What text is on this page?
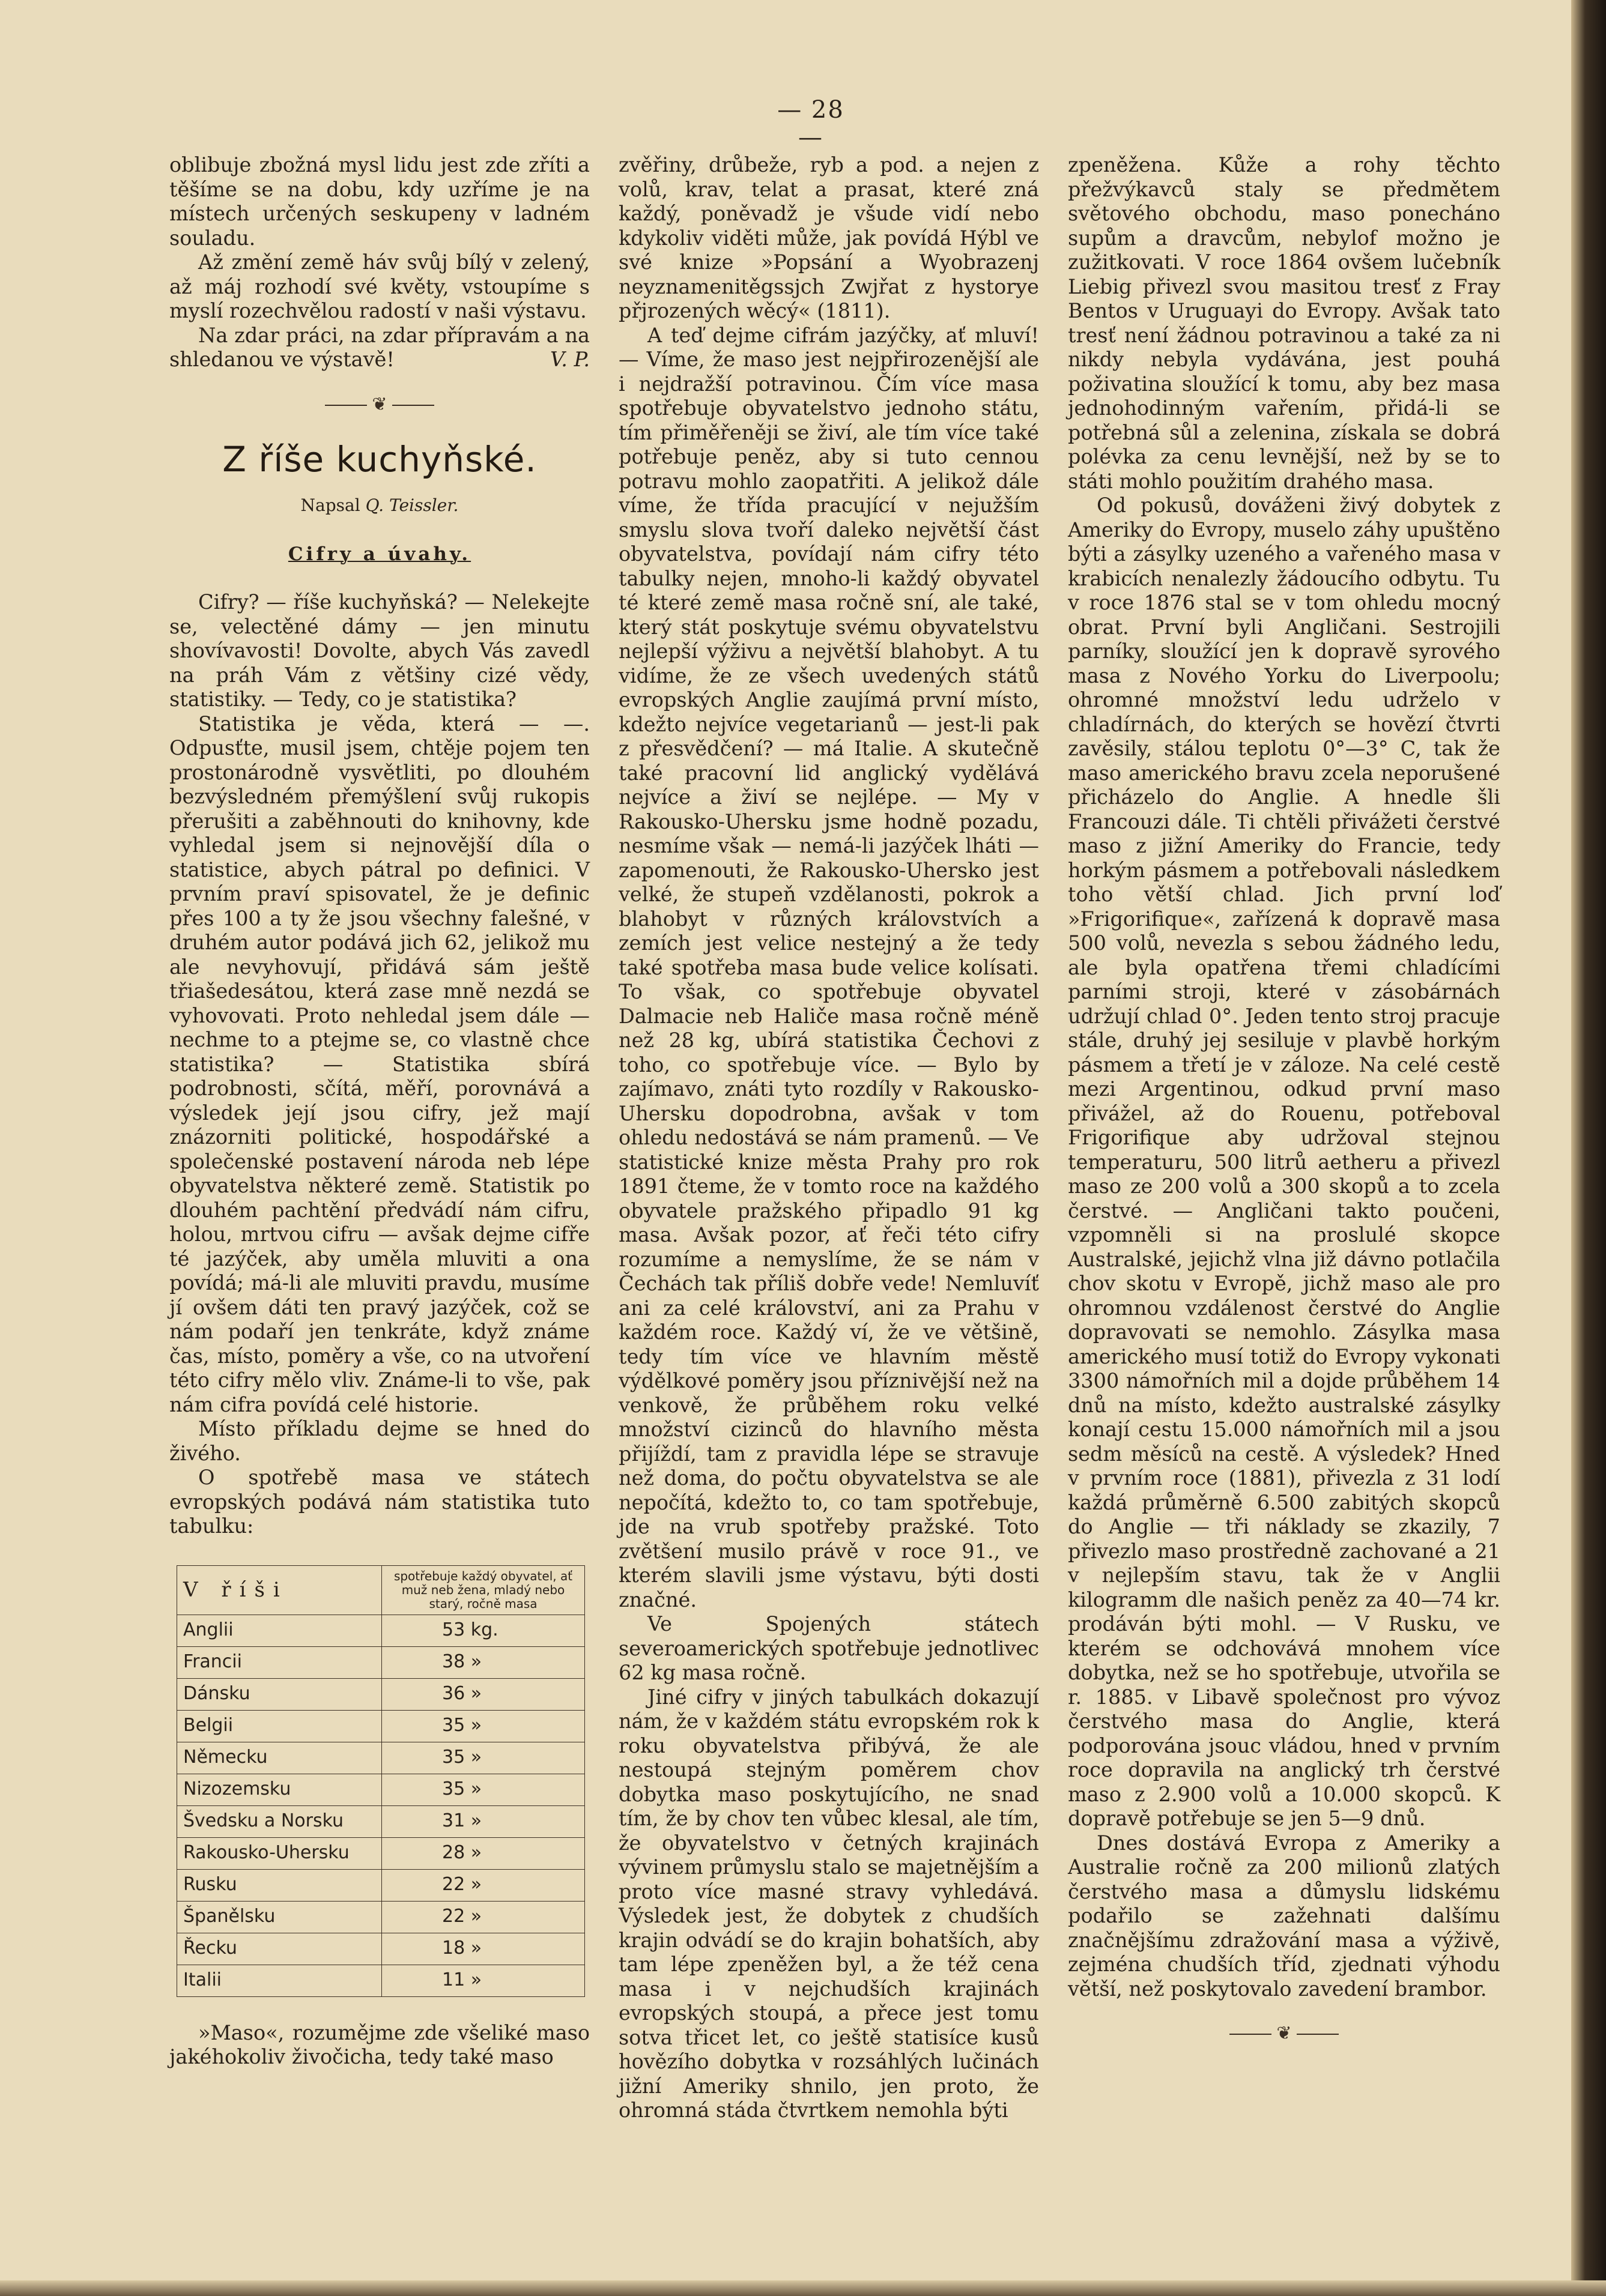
— 28 —

oblibuje zbožná mysl lidu jest zde zříti a těšíme se na dobu, kdy uzříme je na místech určených seskupeny v ladném souladu.

Až změní země háv svůj bílý v zelený, až máj rozhodí své květy, vstoupíme s myslí rozechvělou radostí v naši výstavu.

Na zdar práci, na zdar přípravám a na shledanou ve výstavě!	V. P.

❦
Z říše kuchyňské.
Napsal Q. Teissler.
Cifry a úvahy.

Cifry? — říše kuchyňská? — Nelekejte se, velectěné dámy — jen minutu shovívavosti! Dovolte, abych Vás zavedl na práh Vám z většiny cizé vědy, statistiky. — Tedy, co je statistika?

Statistika je věda, která — —. Odpusťte, musil jsem, chtěje pojem ten prostonárodně vysvětliti, po dlouhém bezvýsledném přemýšlení svůj rukopis přerušiti a zaběhnouti do knihovny, kde vyhledal jsem si nejnovější díla o statistice, abych pátral po definici. V prvním praví spisovatel, že je definic přes 100 a ty že jsou všechny falešné, v druhém autor podává jich 62, jelikož mu ale nevyhovují, přidává sám ještě třiašedesátou, která zase mně nezdá se vyhovovati. Proto nehledal jsem dále — nechme to a ptejme se, co vlastně chce statistika? — Statistika sbírá podrobnosti, sčítá, měří, porovnává a výsledek její jsou cifry, jež mají znázorniti politické, hospodářské a společenské postavení národa neb lépe obyvatelstva některé země. Statistik po dlouhém pachtění předvádí nám cifru, holou, mrtvou cifru — avšak dejme cifře té jazýček, aby uměla mluviti a ona povídá; má-li ale mluviti pravdu, musíme jí ovšem dáti ten pravý jazýček, což se nám podaří jen tenkráte, když známe čas, místo, poměry a vše, co na utvoření této cifry mělo vliv. Známe-li to vše, pak nám cifra povídá celé historie.

Místo příkladu dejme se hned do živého.

O spotřebě masa ve státech evropských podává nám statistika tuto tabulku:

V říši	spotřebuje každý obyvatel, ať muž neb žena, mladý nebo starý, ročně masa
Anglii	53 kg.
Francii	38 »
Dánsku	36 »
Belgii	35 »
Německu	35 »
Nizozemsku	35 »
Švedsku a Norsku	31 »
Rakousko-Uhersku	28 »
Rusku	22 »
Španělsku	22 »
Řecku	18 »
Italii	11 »

»Maso«, rozumějme zde všeliké maso jakéhokoliv živočicha, tedy také maso

zvěřiny, drůbeže, ryb a pod. a nejen z volů, krav, telat a prasat, které zná každý, poněvadž je všude vidí nebo kdykoliv viděti může, jak povídá Hýbl ve své knize »Popsání a Wyobrazenj neyznamenitěgssjch Zwjřat z hystorye přjrozených wěcý« (1811).

A teď dejme cifrám jazýčky, ať mluví! — Víme, že maso jest nejpřirozenější ale i nejdražší potravinou. Čím více masa spotřebuje obyvatelstvo jednoho státu, tím přiměřeněji se živí, ale tím více také potřebuje peněz, aby si tuto cennou potravu mohlo zaopatřiti. A jelikož dále víme, že třída pracující v nejužším smyslu slova tvoří daleko největší část obyvatelstva, povídají nám cifry této tabulky nejen, mnoho-li každý obyvatel té které země masa ročně sní, ale také, který stát poskytuje svému obyvatelstvu nejlepší výživu a největší blahobyt. A tu vidíme, že ze všech uvedených států evropských Anglie zaujímá první místo, kdežto nejvíce vegetarianů — jest-li pak z přesvědčení? — má Italie. A skutečně také pracovní lid anglický vydělává nejvíce a živí se nejlépe. — My v Rakousko-Uhersku jsme hodně pozadu, nesmíme však — nemá-li jazýček lháti — zapomenouti, že Rakousko-Uhersko jest velké, že stupeň vzdělanosti, pokrok a blahobyt v různých královstvích a zemích jest velice nestejný a že tedy také spotřeba masa bude velice kolísati. To však, co spotřebuje obyvatel Dalmacie neb Haliče masa ročně méně než 28 kg, ubírá statistika Čechovi z toho, co spotřebuje více. — Bylo by zajímavo, znáti tyto rozdíly v Rakousko-Uhersku dopodrobna, avšak v tom ohledu nedostává se nám pramenů. — Ve statistické knize města Prahy pro rok 1891 čteme, že v tomto roce na každého obyvatele pražského připadlo 91 kg masa. Avšak pozor, ať řeči této cifry rozumíme a nemyslíme, že se nám v Čechách tak příliš dobře vede! Nemluvíť ani za celé království, ani za Prahu v každém roce. Každý ví, že ve většině, tedy tím více ve hlavním městě výdělkové poměry jsou příznivější než na venkově, že průběhem roku velké množství cizinců do hlavního města přijíždí, tam z pravidla lépe se stravuje než doma, do počtu obyvatelstva se ale nepočítá, kdežto to, co tam spotřebuje, jde na vrub spotřeby pražské. Toto zvětšení musilo právě v roce 91., ve kterém slavili jsme výstavu, býti dosti značné.

Ve Spojených státech severoamerických spotřebuje jednotlivec 62 kg masa ročně.

Jiné cifry v jiných tabulkách dokazují nám, že v každém státu evropském rok k roku obyvatelstva přibývá, že ale nestoupá stejným poměrem chov dobytka maso poskytujícího, ne snad tím, že by chov ten vůbec klesal, ale tím, že obyvatelstvo v četných krajinách vývinem průmyslu stalo se majetnějším a proto více masné stravy vyhledává. Výsledek jest, že dobytek z chudších krajin odvádí se do krajin bohatších, aby tam lépe zpeněžen byl, a že též cena masa i v nejchudších krajinách evropských stoupá, a přece jest tomu sotva třicet let, co ještě statisíce kusů hovězího dobytka v rozsáhlých lučinách jižní Ameriky shnilo, jen proto, že ohromná stáda čtvrtkem nemohla býti

zpeněžena. Kůže a rohy těchto přežvýkavců staly se předmětem světového obchodu, maso ponecháno supům a dravcům, nebylof možno je zužitkovati. V roce 1864 ovšem lučebník Liebig přivezl svou masitou tresť z Fray Bentos v Uruguayi do Evropy. Avšak tato tresť není žádnou potravinou a také za ni nikdy nebyla vydávána, jest pouhá poživatina sloužící k tomu, aby bez masa jednohodinným vařením, přidá-li se potřebná sůl a zelenina, získala se dobrá polévka za cenu levnější, než by se to státi mohlo použitím drahého masa.

Od pokusů, dováženi živý dobytek z Ameriky do Evropy, muselo záhy upuštěno býti a zásylky uzeného a vařeného masa v krabicích nenalezly žádoucího odbytu. Tu v roce 1876 stal se v tom ohledu mocný obrat. První byli Angličani. Sestrojili parníky, sloužící jen k dopravě syrového masa z Nového Yorku do Liverpoolu; ohromné množství ledu udrželo v chladírnách, do kterých se hovězí čtvrti zavěsily, stálou teplotu 0°—3° C, tak že maso amerického bravu zcela neporušené přicházelo do Anglie. A hnedle šli Francouzi dále. Ti chtěli přivážeti čerstvé maso z jižní Ameriky do Francie, tedy horkým pásmem a potřebovali následkem toho větší chlad. Jich první loď »Frigorifique«, zařízená k dopravě masa 500 volů, nevezla s sebou žádného ledu, ale byla opatřena třemi chladícími parními stroji, které v zásobárnách udržují chlad 0°. Jeden tento stroj pracuje stále, druhý jej sesiluje v plavbě horkým pásmem a třetí je v záloze. Na celé cestě mezi Argentinou, odkud první maso přivážel, až do Rouenu, potřeboval Frigorifique aby udržoval stejnou temperaturu, 500 litrů aetheru a přivezl maso ze 200 volů a 300 skopů a to zcela čerstvé. — Angličani takto poučeni, vzpomněli si na proslulé skopce Australské, jejichž vlna již dávno potlačila chov skotu v Evropě, jichž maso ale pro ohromnou vzdálenost čerstvé do Anglie dopravovati se nemohlo. Zásylka masa amerického musí totiž do Evropy vykonati 3300 námořních mil a dojde průběhem 14 dnů na místo, kdežto australské zásylky konají cestu 15.000 námořních mil a jsou sedm měsíců na cestě. A výsledek? Hned v prvním roce (1881), přivezla z 31 lodí každá průměrně 6.500 zabitých skopců do Anglie — tři náklady se zkazily, 7 přivezlo maso prostředně zachované a 21 v nejlepším stavu, tak že v Anglii kilogramm dle našich peněz za 40—74 kr. prodáván býti mohl. — V Rusku, ve kterém se odchovává mnohem více dobytka, než se ho spotřebuje, utvořila se r. 1885. v Libavě společnost pro vývoz čerstvého masa do Anglie, která podporována jsouc vládou, hned v prvním roce dopravila na anglický trh čerstvé maso z 2.900 volů a 10.000 skopců. K dopravě potřebuje se jen 5—9 dnů.

Dnes dostává Evropa z Ameriky a Australie ročně za 200 milionů zlatých čerstvého masa a důmyslu lidskému podařilo se zažehnati dalšímu značnějšímu zdražování masa a výživě, zejména chudších tříd, zjednati výhodu větší, než poskytovalo zavedení brambor.

❦
